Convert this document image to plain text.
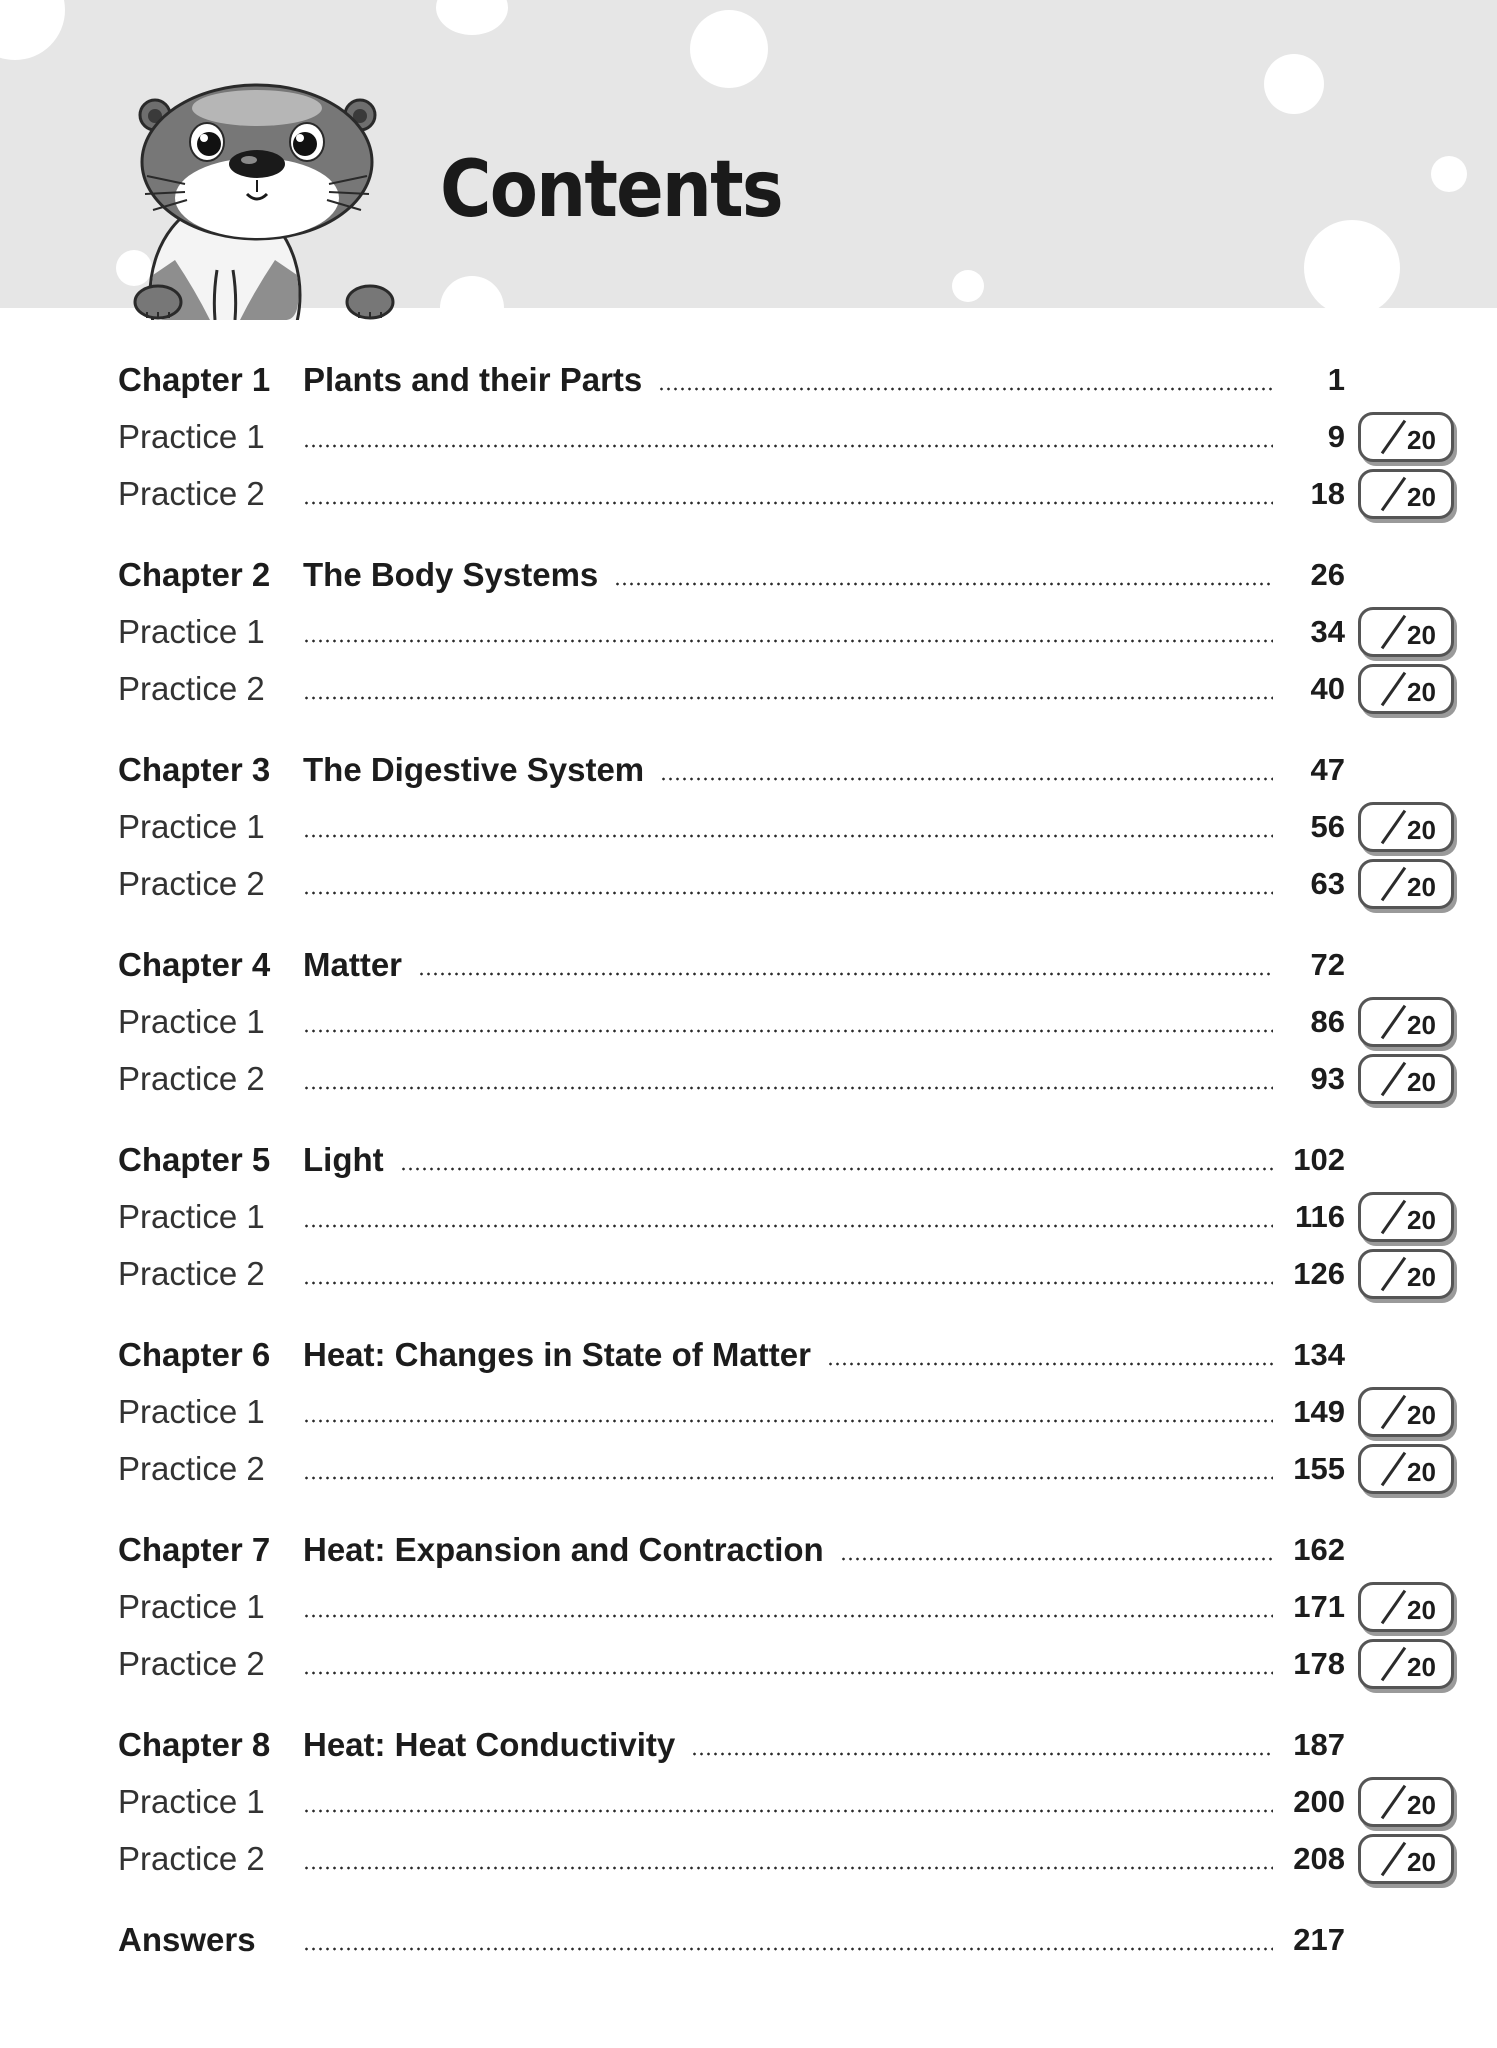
Contents
Chapter 1 Plants and their Parts	1
Practice 1	9 20
Practice 2	18 20
Chapter 2 The Body Systems	26
Practice 1	34 20
Practice 2	40 20
Chapter 3 The Digestive System	47
Practice 1	56 20
Practice 2	63 20
Chapter 4 Matter	72
Practice 1	86 20
Practice 2	93 20
Chapter 5 Light	102
Practice 1	116 20
Practice 2	126 20
Chapter 6 Heat: Changes in State of Matter	134
Practice 1	149 20
Practice 2	155 20
Chapter 7 Heat: Expansion and Contraction	162
Practice 1	171 20
Practice 2	178 20
Chapter 8 Heat: Heat Conductivity	187
Practice 1	200 20
Practice 2	208 20
Answers	217
